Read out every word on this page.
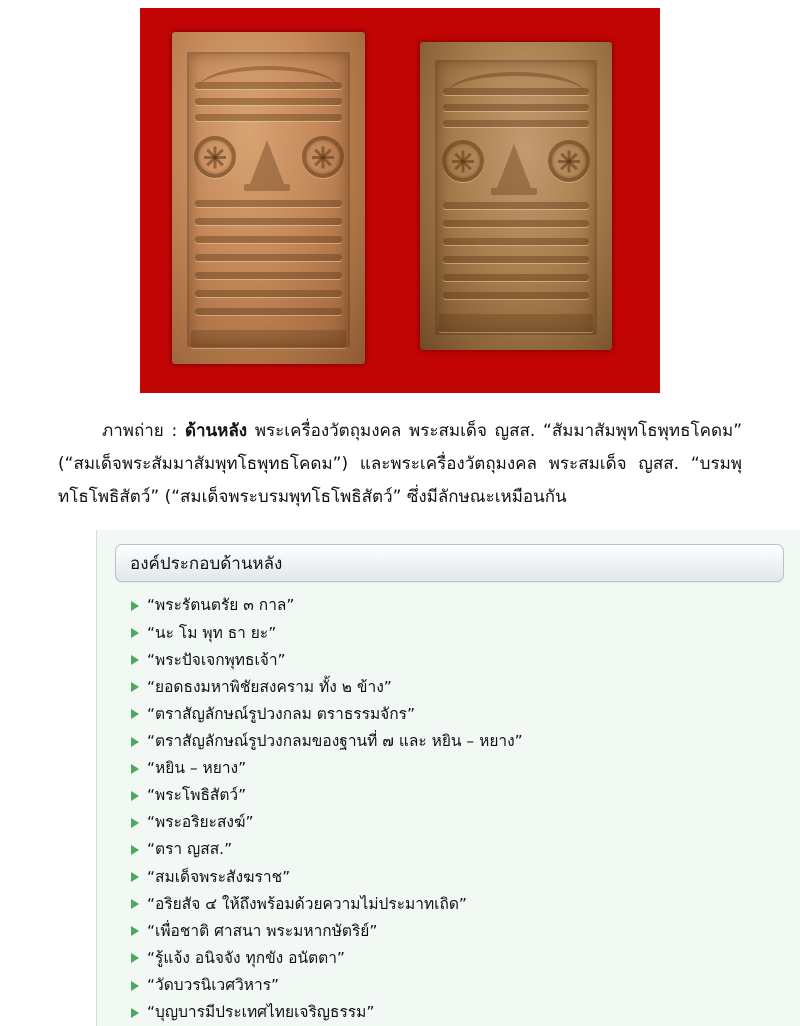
ภาพถ่าย : ด้านหลัง พระเครื่องวัตถุมงคล พระสมเด็จ ญสส. “สัมมาสัมพุทโธพุทธโคดม” (“สมเด็จพระสัมมาสัมพุทโธพุทธโคดม”) และพระเครื่องวัตถุมงคล พระสมเด็จ ญสส. “บรมพุทโธโพธิสัตว์” (“สมเด็จพระบรมพุทโธโพธิสัตว์” ซึ่งมีลักษณะเหมือนกัน

องค์ประกอบด้านหลัง
“พระรัตนตรัย ๓ กาล”
“นะ โม พุท ธา ยะ”
“พระปัจเจกพุทธเจ้า”
“ยอดธงมหาพิชัยสงคราม ทั้ง ๒ ข้าง”
“ตราสัญลักษณ์รูปวงกลม ตราธรรมจักร”
“ตราสัญลักษณ์รูปวงกลมของฐานที่ ๗ และ หยิน – หยาง”
“หยิน – หยาง”
“พระโพธิสัตว์”
“พระอริยะสงฆ์”
“ตรา ญสส.”
“สมเด็จพระสังฆราช”
“อริยสัจ ๔ ให้ถึงพร้อมด้วยความไม่ประมาทเถิด”
“เพื่อชาติ ศาสนา พระมหากษัตริย์”
“รู้แจ้ง อนิจจัง ทุกขัง อนัตตา”
“วัดบวรนิเวศวิหาร”
“บุญบารมีประเทศไทยเจริญธรรม”
